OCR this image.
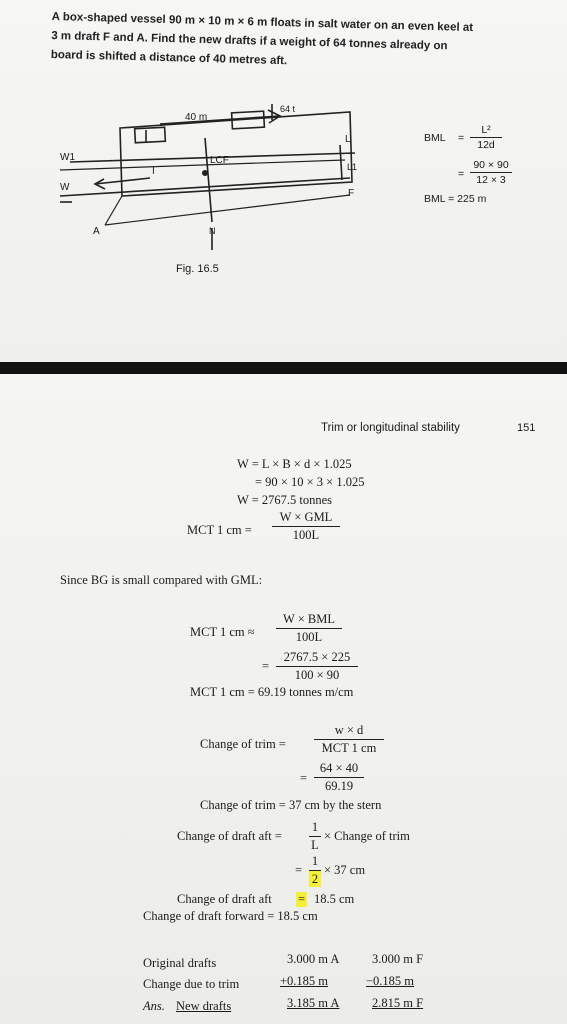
A box-shaped vessel 90 m × 10 m × 6 m floats in salt water on an even keel at
3 m draft F and A. Find the new drafts if a weight of 64 tonnes already on
board is shifted a distance of 40 metres aft.
40 m
64 t
LCF
W1
W
L
L1
F
A
I
N
Fig. 16.5
BML = $\frac{\text{L²}}{12d}$
= $\frac{90 \times 90}{12 \times 3}$
BML = 225 m
Trim or longitudinal stability	151
W = L × B × d × 1.025
= 90 × 10 × 3 × 1.025
W = 2767.5 tonnes
MCT 1 cm =
W × GML
100L
Since BG is small compared with GML:
MCT 1 cm ≈
W × BML
100L
= $\frac{2767.5 \times 225}{100 \times 90}$
MCT 1 cm = 69.19 tonnes m/cm
Change of trim =
w × d
MCT 1 cm
= $\frac{64 \times 40}{69.19}$
Change of trim = 37 cm by the stern
Change of draft aft = $\frac{1}{L}$ × Change of trim
= $\frac{1}{2} \times 37$ cm
Change of draft aft = 18.5 cm
Change of draft forward = 18.5 cm
Original drafts	3.000 m A	3.000 m F
Change due to trim	+0.185 m	−0.185 m
Ans. New drafts	3.185 m A	2.815 m F
